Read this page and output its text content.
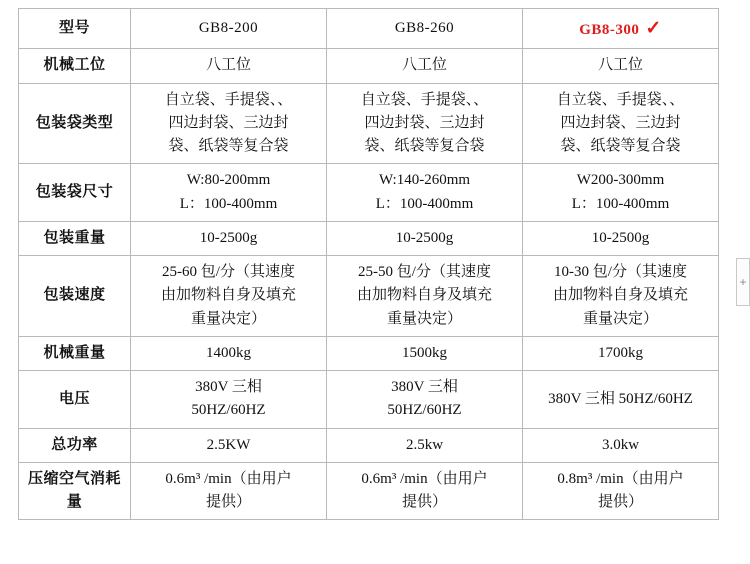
型号	GB8-200	GB8-260	GB8-300 ✓
机械工位	八工位	八工位	八工位

包装袋类型	自立袋、手提袋、、
四边封袋、三边封
袋、纸袋等复合袋	自立袋、手提袋、、
四边封袋、三边封
袋、纸袋等复合袋	自立袋、手提袋、、
四边封袋、三边封
袋、纸袋等复合袋

包装袋尺寸	W:80-200mm
L：100-400mm	W:140-260mm
L：100-400mm	W200-300mm
L：100-400mm

包装重量	10-2500g	10-2500g	10-2500g

包装速度	25-60 包/分（其速度
由加物料自身及填充
重量决定）	25-50 包/分（其速度
由加物料自身及填充
重量决定）	10-30 包/分（其速度
由加物料自身及填充
重量决定）

机械重量	1400kg	1500kg	1700kg

电压	380V 三相
50HZ/60HZ	380V 三相
50HZ/60HZ	380V 三相 50HZ/60HZ

总功率	2.5KW	2.5kw	3.0kw

压缩空气消耗量	0.6m³ /min（由用户
提供）	0.6m³ /min（由用户
提供）	0.8m³ /min（由用户
提供）
+
